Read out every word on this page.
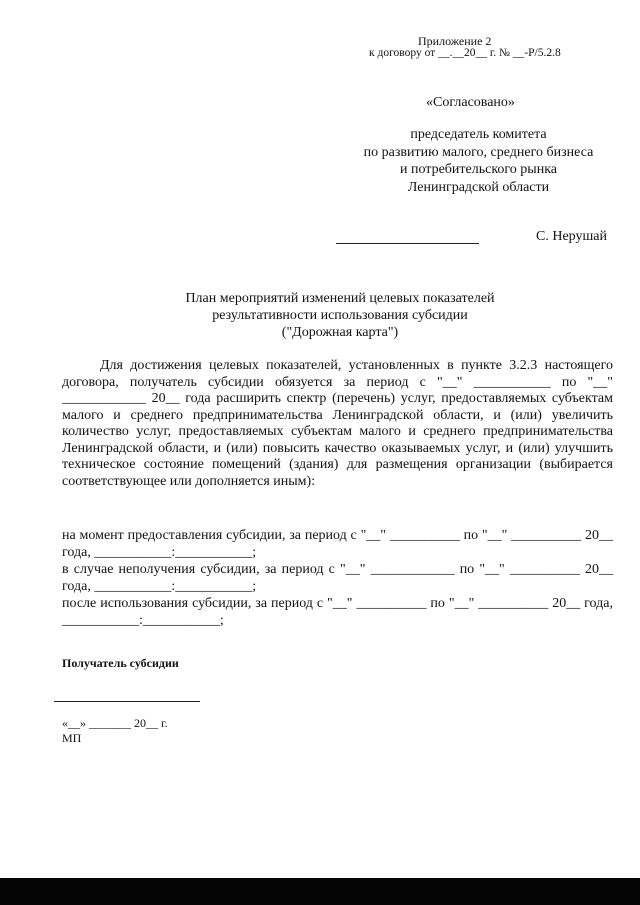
Приложение 2
к договору от __.__20__ г. № __-Р/5.2.8
«Согласовано»
председатель комитета
по развитию малого, среднего бизнеса
и потребительского рынка
Ленинградской области
С. Нерушай
План мероприятий изменений целевых показателей
результативности использования субсидии
("Дорожная карта")
Для достижения целевых показателей, установленных в пункте 3.2.3 настоящего договора, получатель субсидии обязуется за период с "__" ___________ по "__" ____________ 20__ года расширить спектр (перечень) услуг, предоставляемых субъектам малого и среднего предпринимательства Ленинградской области, и (или) увеличить количество услуг, предоставляемых субъектам малого и среднего предпринимательства Ленинградской области, и (или) повысить качество оказываемых услуг, и (или) улучшить техническое состояние помещений (здания) для размещения организации (выбирается соответствующее или дополняется иным):
на момент предоставления субсидии, за период с "__" __________ по "__" __________ 20__ года, ___________:___________;
в случае неполучения субсидии, за период с "__" ____________ по "__" __________ 20__ года, ___________:___________;
после использования субсидии, за период с "__" __________ по "__" __________ 20__ года, ___________:___________;
Получатель субсидии
«__» _______ 20__ г.
МП
